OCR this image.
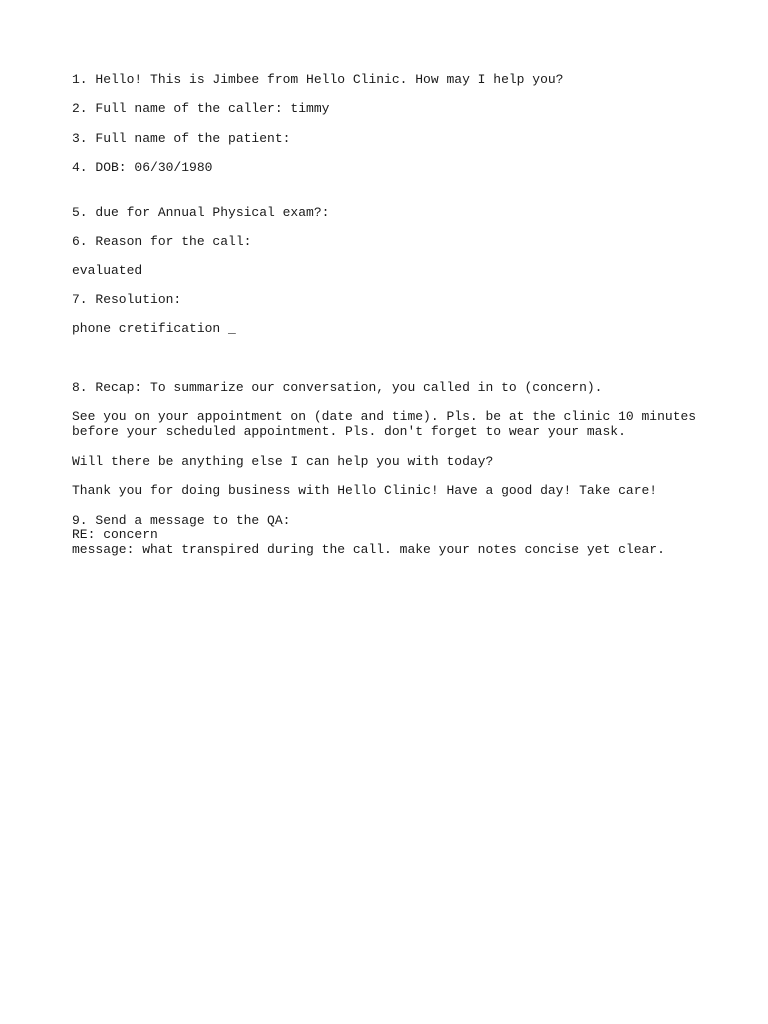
1. Hello! This is Jimbee from Hello Clinic. How may I help you?
2. Full name of the caller: timmy
3. Full name of the patient:
4. DOB: 06/30/1980
5. due for Annual Physical exam?:
6. Reason for the call:
evaluated
7. Resolution:
phone cretification _
8. Recap: To summarize our conversation, you called in to (concern).
See you on your appointment on (date and time). Pls. be at the clinic 10 minutes
before your scheduled appointment. Pls. don't forget to wear your mask.
Will there be anything else I can help you with today?
Thank you for doing business with Hello Clinic! Have a good day! Take care!
9. Send a message to the QA:
RE: concern
message: what transpired during the call. make your notes concise yet clear.
